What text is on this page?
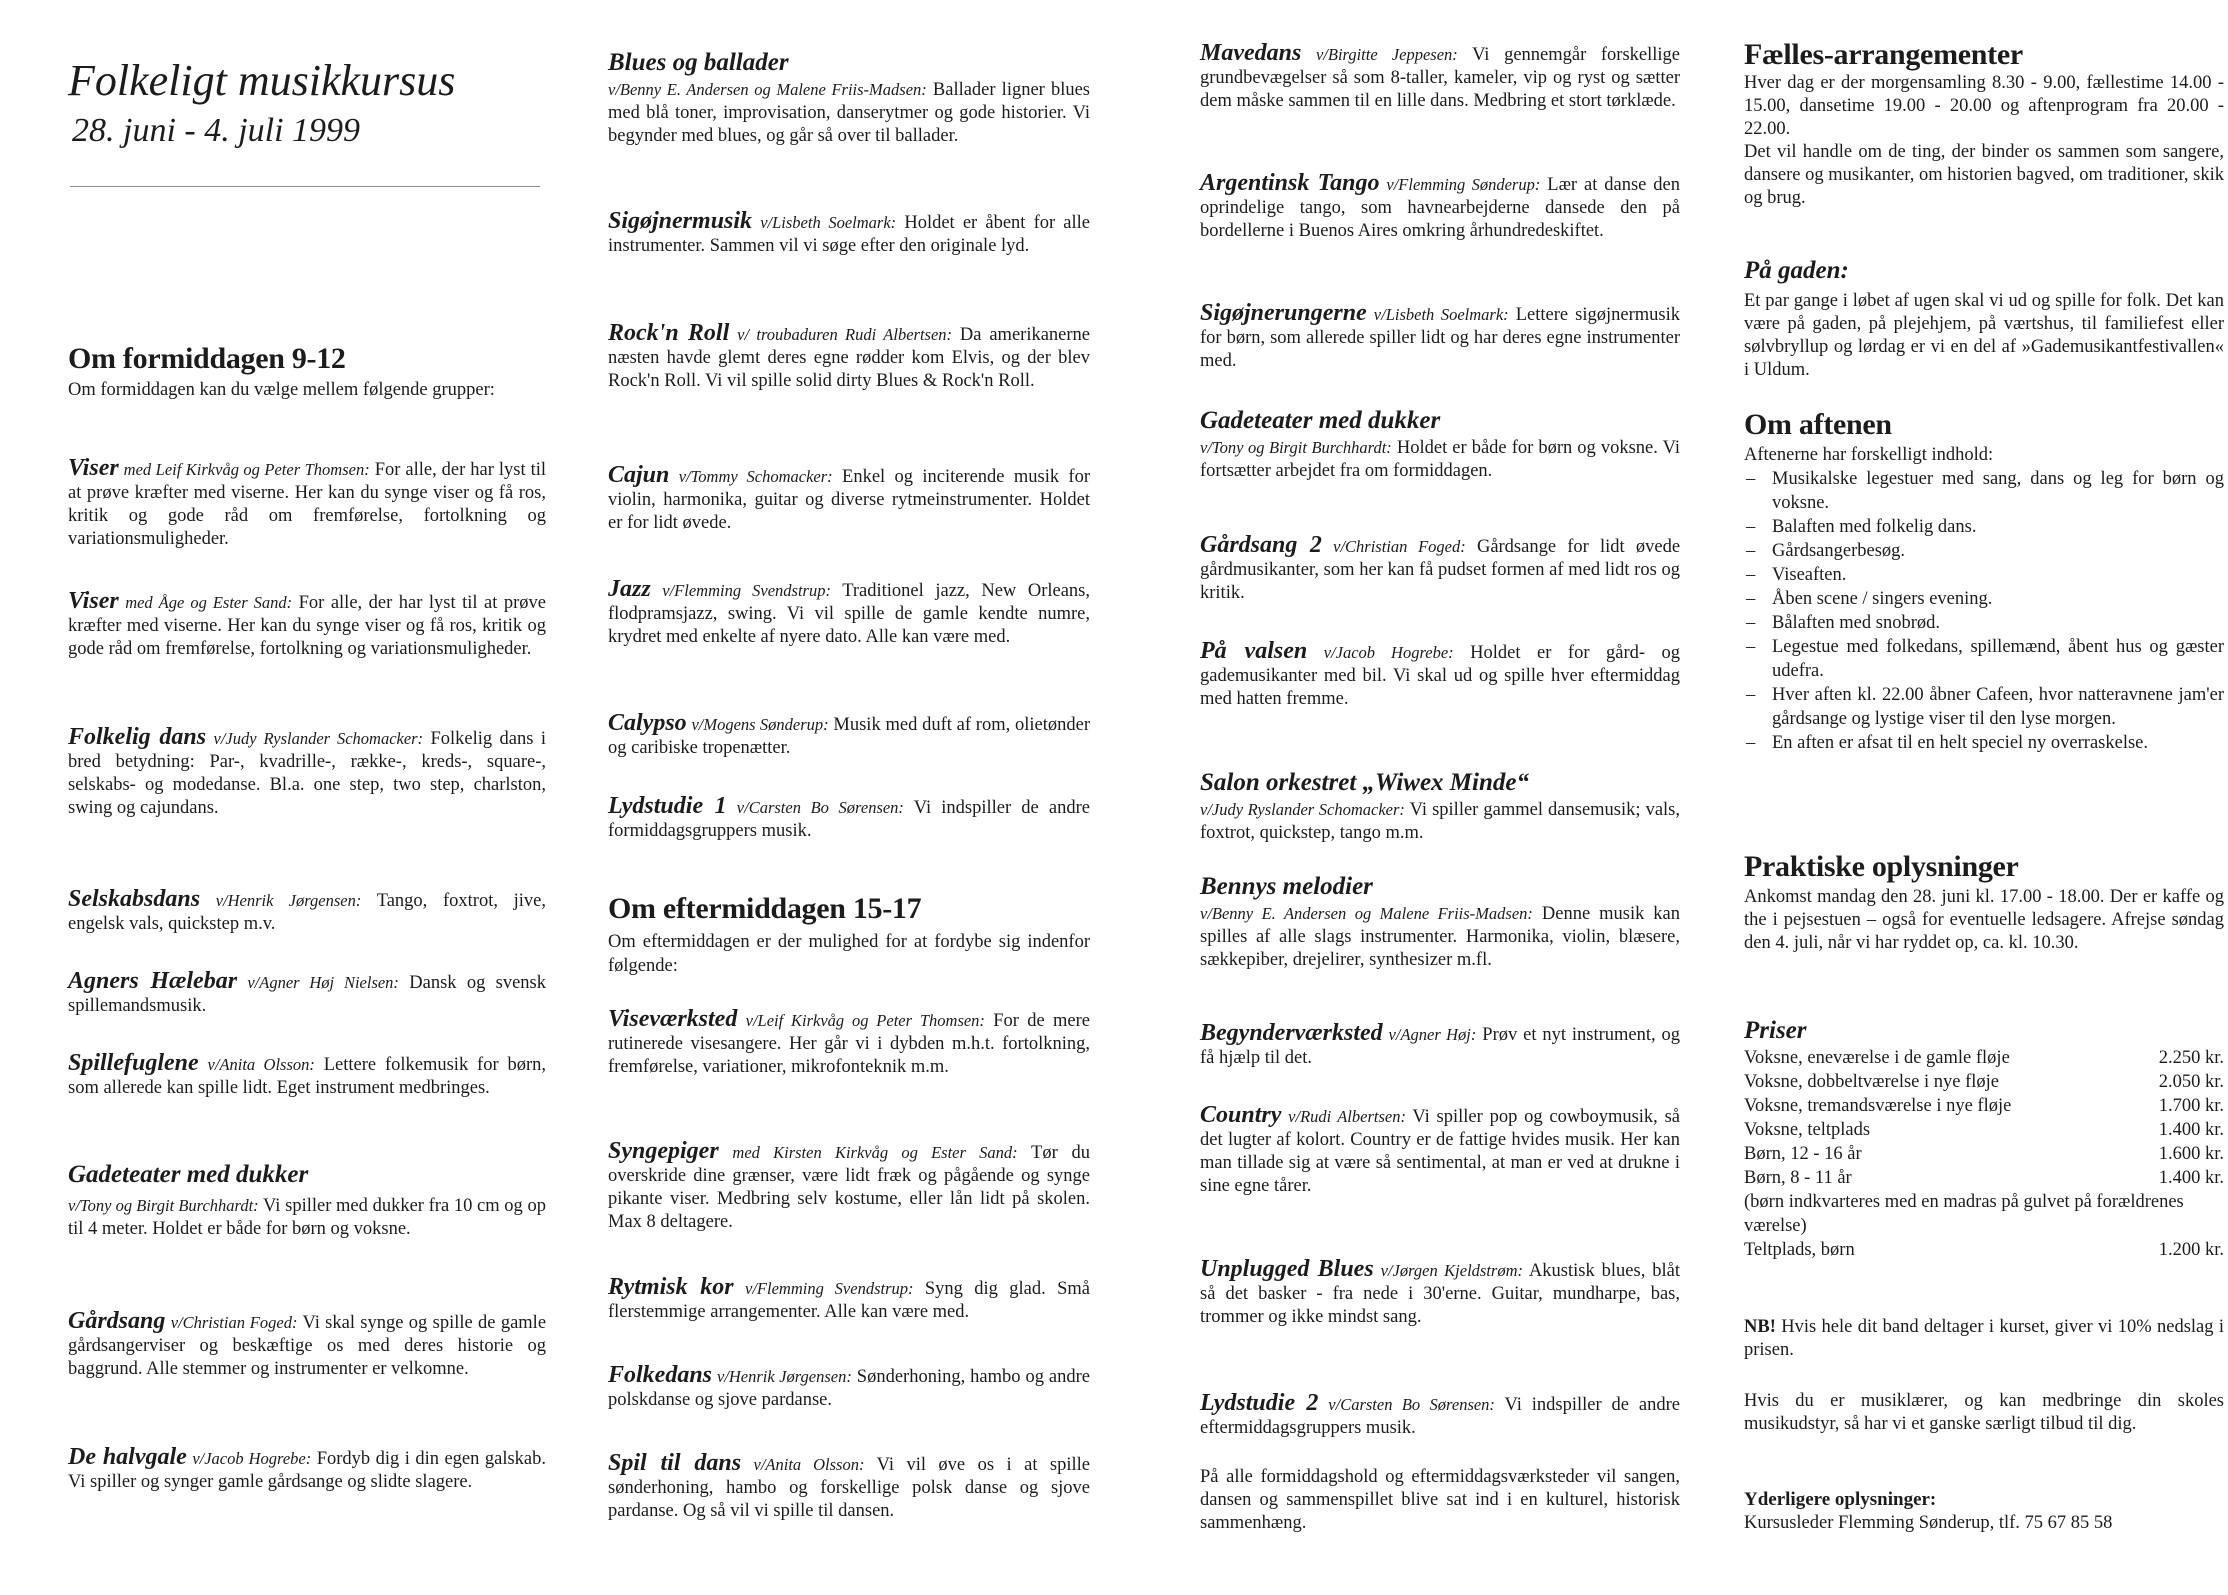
Folkeligt musikkursus
28. juni - 4. juli 1999
Om formiddagen 9-12

Om formiddagen kan du vælge mellem følgende grupper:

Viser med Leif Kirkvåg og Peter Thomsen: For alle, der har lyst til at prøve kræfter med viserne. Her kan du synge viser og få ros, kritik og gode råd om fremførelse, fortolkning og variationsmuligheder.

Viser med Åge og Ester Sand: For alle, der har lyst til at prøve kræfter med viserne. Her kan du synge viser og få ros, kritik og gode råd om fremførelse, fortolkning og variationsmuligheder.

Folkelig dans v/Judy Ryslander Schomacker: Folkelig dans i bred betydning: Par-, kvadrille-, række-, kreds-, square-, selskabs- og modedanse. Bl.a. one step, two step, charlston, swing og cajundans.

Selskabsdans v/Henrik Jørgensen: Tango, foxtrot, jive, engelsk vals, quickstep m.v.

Agners Hælebar v/Agner Høj Nielsen: Dansk og svensk spillemandsmusik.

Spillefuglene v/Anita Olsson: Lettere folkemusik for børn, som allerede kan spille lidt. Eget instrument medbringes.

Gadeteater med dukker

v/Tony og Birgit Burchhardt: Vi spiller med dukker fra 10 cm og op til 4 meter. Holdet er både for børn og voksne.

Gårdsang v/Christian Foged: Vi skal synge og spille de gamle gårdsangerviser og beskæftige os med deres historie og baggrund. Alle stemmer og instrumenter er velkomne.

De halvgale v/Jacob Hogrebe: Fordyb dig i din egen galskab. Vi spiller og synger gamle gårdsange og slidte slagere.

Blues og ballader

v/Benny E. Andersen og Malene Friis-Madsen: Ballader ligner blues med blå toner, improvisation, danserytmer og gode historier. Vi begynder med blues, og går så over til ballader.

Sigøjnermusik v/Lisbeth Soelmark: Holdet er åbent for alle instrumenter. Sammen vil vi søge efter den originale lyd.

Rock'n Roll v/ troubaduren Rudi Albertsen: Da amerikanerne næsten havde glemt deres egne rødder kom Elvis, og der blev Rock'n Roll. Vi vil spille solid dirty Blues & Rock'n Roll.

Cajun v/Tommy Schomacker: Enkel og inciterende musik for violin, harmonika, guitar og diverse rytmeinstrumenter. Holdet er for lidt øvede.

Jazz v/Flemming Svendstrup: Traditionel jazz, New Orleans, flodpramsjazz, swing. Vi vil spille de gamle kendte numre, krydret med enkelte af nyere dato. Alle kan være med.

Calypso v/Mogens Sønderup: Musik med duft af rom, olietønder og caribiske tropenætter.

Lydstudie 1 v/Carsten Bo Sørensen: Vi indspiller de andre formiddagsgruppers musik.

Om eftermiddagen 15-17

Om eftermiddagen er der mulighed for at fordybe sig indenfor følgende:

Viseværksted v/Leif Kirkvåg og Peter Thomsen: For de mere rutinerede visesangere. Her går vi i dybden m.h.t. fortolkning, fremførelse, variationer, mikrofonteknik m.m.

Syngepiger med Kirsten Kirkvåg og Ester Sand: Tør du overskride dine grænser, være lidt fræk og pågående og synge pikante viser. Medbring selv kostume, eller lån lidt på skolen. Max 8 deltagere.

Rytmisk kor v/Flemming Svendstrup: Syng dig glad. Små flerstemmige arrangementer. Alle kan være med.

Folkedans v/Henrik Jørgensen: Sønderhoning, hambo og andre polskdanse og sjove pardanse.

Spil til dans v/Anita Olsson: Vi vil øve os i at spille sønderhoning, hambo og forskellige polsk danse og sjove pardanse. Og så vil vi spille til dansen.

Mavedans v/Birgitte Jeppesen: Vi gennemgår forskellige grundbevægelser så som 8-taller, kameler, vip og ryst og sætter dem måske sammen til en lille dans. Medbring et stort tørklæde.

Argentinsk Tango v/Flemming Sønderup: Lær at danse den oprindelige tango, som havnearbejderne dansede den på bordellerne i Buenos Aires omkring århundredeskiftet.

Sigøjnerungerne v/Lisbeth Soelmark: Lettere sigøjnermusik for børn, som allerede spiller lidt og har deres egne instrumenter med.

Gadeteater med dukker

v/Tony og Birgit Burchhardt: Holdet er både for børn og voksne. Vi fortsætter arbejdet fra om formiddagen.

Gårdsang 2 v/Christian Foged: Gårdsange for lidt øvede gårdmusikanter, som her kan få pudset formen af med lidt ros og kritik.

På valsen v/Jacob Hogrebe: Holdet er for gård- og gademusikanter med bil. Vi skal ud og spille hver eftermiddag med hatten fremme.

Salon orkestret „Wiwex Minde“

v/Judy Ryslander Schomacker: Vi spiller gammel dansemusik; vals, foxtrot, quickstep, tango m.m.

Bennys melodier

v/Benny E. Andersen og Malene Friis-Madsen: Denne musik kan spilles af alle slags instrumenter. Harmonika, violin, blæsere, sækkepiber, drejelirer, synthesizer m.fl.

Begynderværksted v/Agner Høj: Prøv et nyt instrument, og få hjælp til det.

Country v/Rudi Albertsen: Vi spiller pop og cowboymusik, så det lugter af kolort. Country er de fattige hvides musik. Her kan man tillade sig at være så sentimental, at man er ved at drukne i sine egne tårer.

Unplugged Blues v/Jørgen Kjeldstrøm: Akustisk blues, blåt så det basker - fra nede i 30'erne. Guitar, mundharpe, bas, trommer og ikke mindst sang.

Lydstudie 2 v/Carsten Bo Sørensen: Vi indspiller de andre eftermiddagsgruppers musik.

På alle formiddagshold og eftermiddagsværksteder vil sangen, dansen og sammenspillet blive sat ind i en kulturel, historisk sammenhæng.

Fælles-arrangementer

Hver dag er der morgensamling 8.30 - 9.00, fællestime 14.00 - 15.00, dansetime 19.00 - 20.00 og aftenprogram fra 20.00 - 22.00.

Det vil handle om de ting, der binder os sammen som sangere, dansere og musikanter, om historien bagved, om traditioner, skik og brug.

På gaden:

Et par gange i løbet af ugen skal vi ud og spille for folk. Det kan være på gaden, på plejehjem, på værtshus, til familiefest eller sølvbryllup og lørdag er vi en del af »Gademusikantfestivallen« i Uldum.

Om aftenen

Aftenerne har forskelligt indhold:

– Musikalske legestuer med sang, dans og leg for børn og voksne.
– Balaften med folkelig dans.
– Gårdsangerbesøg.
– Viseaften.
– Åben scene / singers evening.
– Bålaften med snobrød.
– Legestue med folkedans, spillemænd, åbent hus og gæster udefra.
– Hver aften kl. 22.00 åbner Cafeen, hvor natteravnene jam'er gårdsange og lystige viser til den lyse morgen.
– En aften er afsat til en helt speciel ny overraskelse.
Praktiske oplysninger

Ankomst mandag den 28. juni kl. 17.00 - 18.00. Der er kaffe og the i pejsestuen – også for eventuelle ledsagere. Afrejse søndag den 4. juli, når vi har ryddet op, ca. kl. 10.30.

Priser
Voksne, eneværelse i de gamle fløje	2.250 kr.
Voksne, dobbeltværelse i nye fløje	2.050 kr.
Voksne, tremandsværelse i nye fløje	1.700 kr.
Voksne, teltplads	1.400 kr.
Børn, 12 - 16 år	1.600 kr.
Børn, 8 - 11 år	1.400 kr.
(børn indkvarteres med en madras på gulvet på forældrenes værelse)	
Teltplads, børn	1.200 kr.

NB! Hvis hele dit band deltager i kurset, giver vi 10% nedslag i prisen.

Hvis du er musiklærer, og kan medbringe din skoles musikudstyr, så har vi et ganske særligt tilbud til dig.

Yderligere oplysninger:

Kursusleder Flemming Sønderup, tlf. 75 67 85 58
